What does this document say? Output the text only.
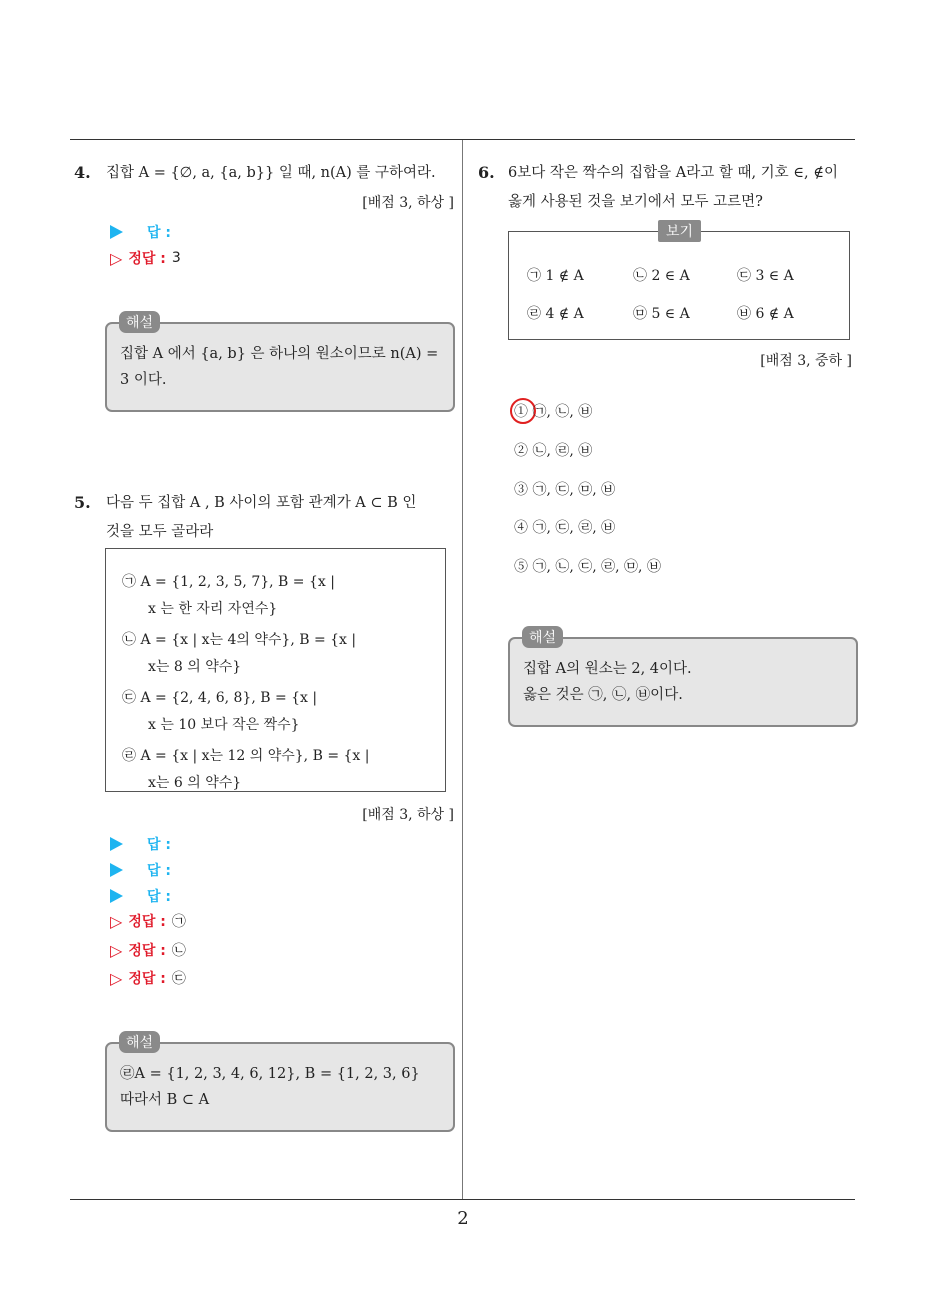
4. 집합 A = {∅, a, {a, b}} 일 때, n(A) 를 구하여라.
[배점 3, 하상 ]
답 :
▷ 정답 : 3
해설
집합 A 에서 {a, b} 은 하나의 원소이므로 n(A) =
3 이다.
5. 다음 두 집합 A , B 사이의 포함 관계가 A ⊂ B 인
것을 모두 골라라
㉠ A = {1, 2, 3, 5, 7}, B = {x |
x 는 한 자리 자연수}
㉡ A = {x | x는 4의 약수}, B = {x |
x는 8 의 약수}
㉢ A = {2, 4, 6, 8}, B = {x |
x 는 10 보다 작은 짝수}
㉣ A = {x | x는 12 의 약수}, B = {x |
x는 6 의 약수}
[배점 3, 하상 ]
답 :
답 :
답 :
▷ 정답 : ㉠
▷ 정답 : ㉡
▷ 정답 : ㉢
해설
㉣A = {1, 2, 3, 4, 6, 12}, B = {1, 2, 3, 6}
따라서 B ⊂ A
6. 6보다 작은 짝수의 집합을 A라고 할 때, 기호 ∈, ∉이
옳게 사용된 것을 보기에서 모두 고르면?
보기
㉠ 1 ∉ A	㉡ 2 ∈ A	㉢ 3 ∈ A
㉣ 4 ∉ A	㉤ 5 ∈ A	㉥ 6 ∉ A
[배점 3, 중하 ]
① ㉠, ㉡, ㉥
② ㉡, ㉣, ㉥
③ ㉠, ㉢, ㉤, ㉥
④ ㉠, ㉢, ㉣, ㉥
⑤ ㉠, ㉡, ㉢, ㉣, ㉤, ㉥
해설
집합 A의 원소는 2, 4이다.
옳은 것은 ㉠, ㉡, ㉥이다.
2
